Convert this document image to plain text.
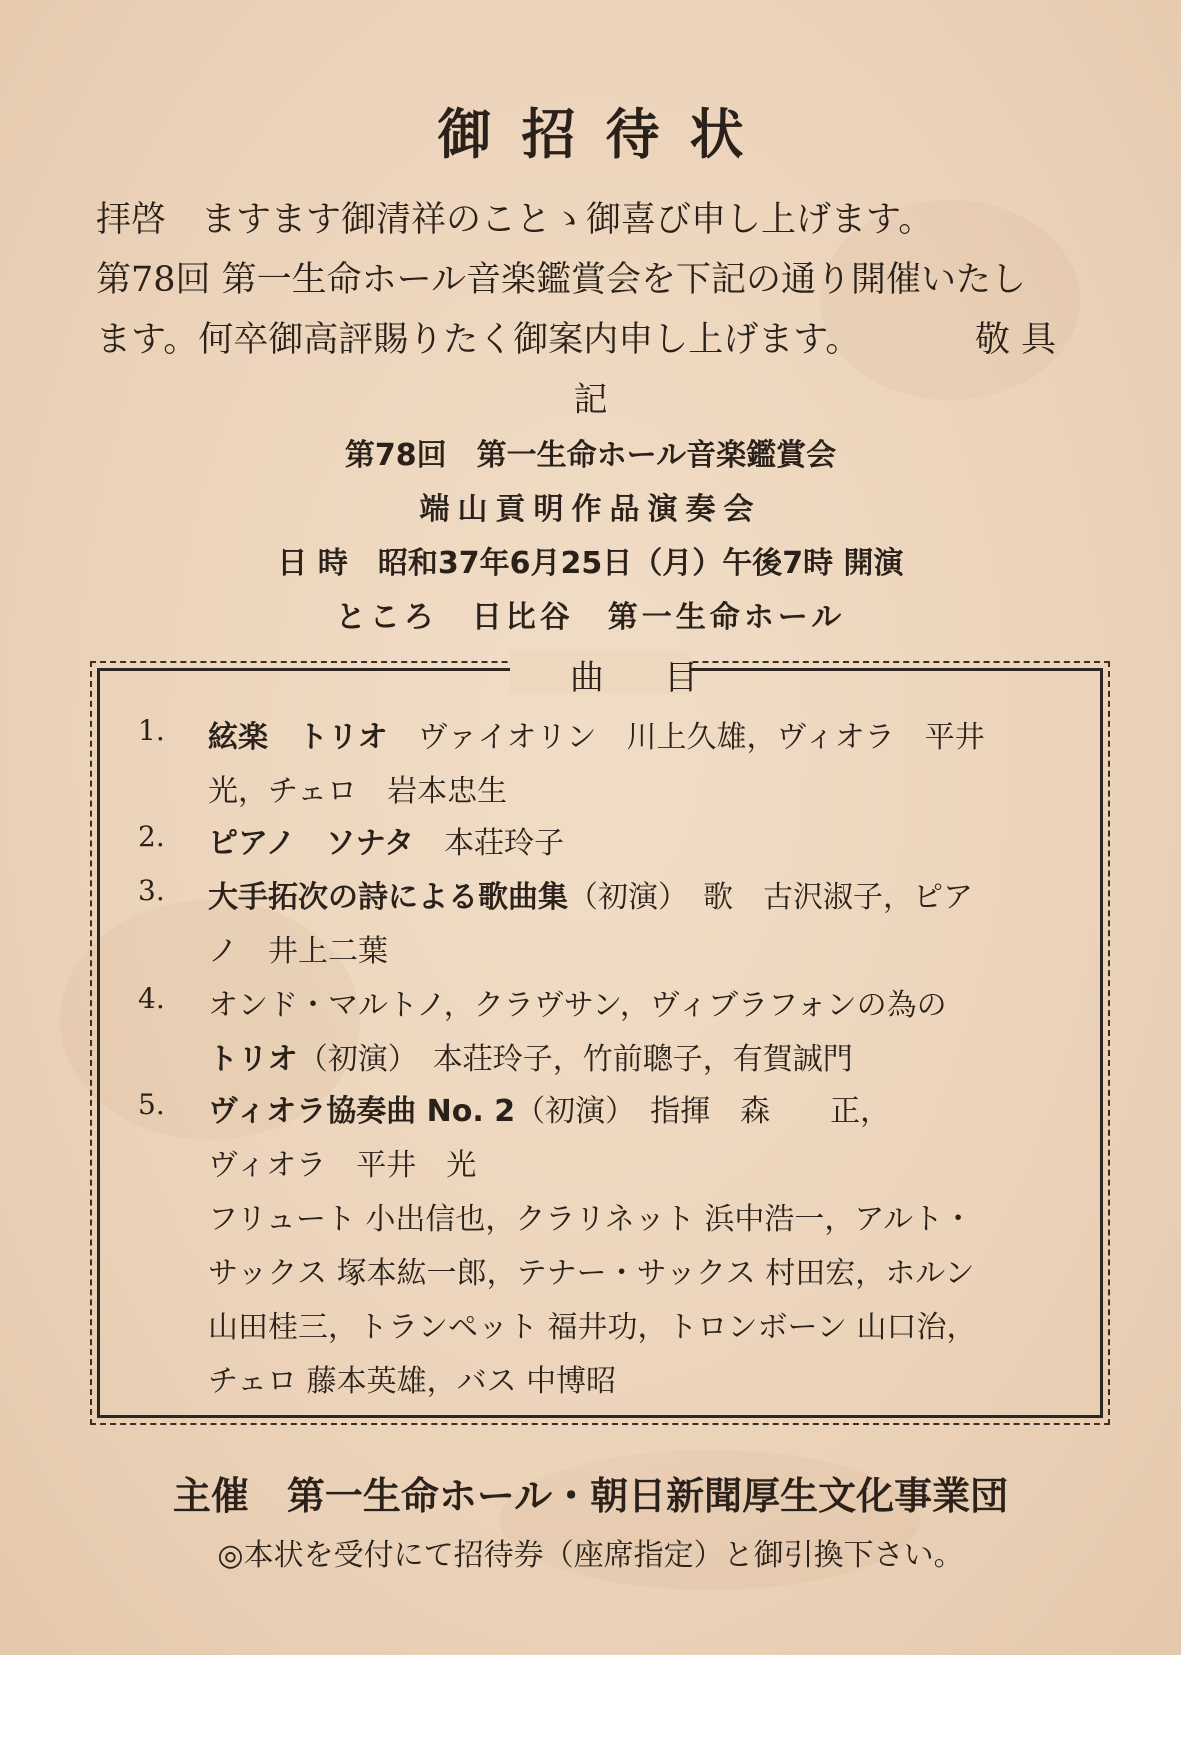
御招待状
拝啓　ますます御清祥のことゝ御喜び申し上げます。
第78回 第一生命ホール音楽鑑賞会を下記の通り開催いたし
ます。何卒御高評賜りたく御案内申し上げます。	敬 具
記
第78回　第一生命ホール音楽鑑賞会
端山貢明作品演奏会
日 時　昭和37年6月25日（月）午後7時 開演
ところ　日比谷　第一生命ホール
曲目
1. 絃楽　トリオ　ヴァイオリン　川上久雄，ヴィオラ　平井
光，チェロ　岩本忠生
2. ピアノ　ソナタ　本荘玲子
3. 大手拓次の詩による歌曲集（初演）　歌　古沢淑子，ピア
ノ　井上二葉
4. オンド・マルトノ，クラヴサン，ヴィブラフォンの為の
トリオ（初演）　本荘玲子，竹前聰子，有賀誠門
5. ヴィオラ協奏曲 No. 2（初演）　指揮　森　　正，
ヴィオラ　平井　光
フリュート 小出信也，クラリネット 浜中浩一，アルト・
サックス 塚本紘一郎，テナー・サックス 村田宏，ホルン
山田桂三，トランペット 福井功，トロンボーン 山口治，
チェロ 藤本英雄，バス 中博昭
主催　第一生命ホール・朝日新聞厚生文化事業団
◎本状を受付にて招待券（座席指定）と御引換下さい。
